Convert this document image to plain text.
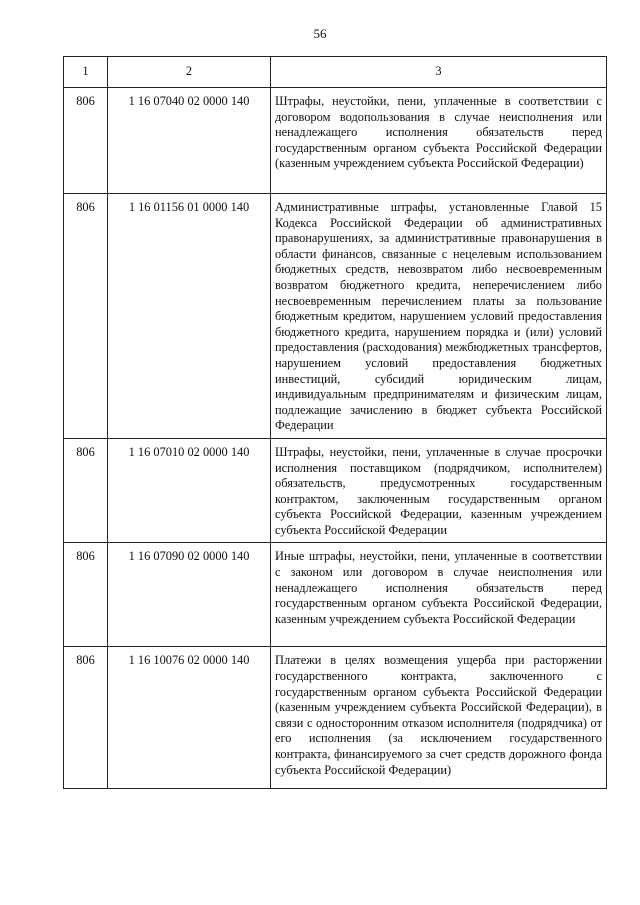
56
1	2	3
806	1 16 07040 02 0000 140	Штрафы, неустойки, пени, уплаченные в соответствии с договором водопользования в случае неисполнения или ненадлежащего исполнения обязательств перед государственным органом субъекта Российской Федерации (казенным учреждением субъекта Российской Федерации)
806	1 16 01156 01 0000 140	Административные штрафы, установленные Главой 15 Кодекса Российской Федерации об административных правонарушениях, за административные правонарушения в области финансов, связанные с нецелевым использованием бюджетных средств, невозвратом либо несвоевременным возвратом бюджетного кредита, неперечислением либо несвоевременным перечислением платы за пользование бюджетным кредитом, нарушением условий предоставления бюджетного кредита, нарушением порядка и (или) условий предоставления (расходования) межбюджетных трансфертов, нарушением условий предоставления бюджетных инвестиций, субсидий юридическим лицам, индивидуальным предпринимателям и физическим лицам, подлежащие зачислению в бюджет субъекта Российской Федерации
806	1 16 07010 02 0000 140	Штрафы, неустойки, пени, уплаченные в случае просрочки исполнения поставщиком (подрядчиком, исполнителем) обязательств, предусмотренных государственным контрактом, заключенным государственным органом субъекта Российской Федерации, казенным учреждением субъекта Российской Федерации
806	1 16 07090 02 0000 140	Иные штрафы, неустойки, пени, уплаченные в соответствии с законом или договором в случае неисполнения или ненадлежащего исполнения обязательств перед государственным органом субъекта Российской Федерации, казенным учреждением субъекта Российской Федерации
806	1 16 10076 02 0000 140	Платежи в целях возмещения ущерба при расторжении государственного контракта, заключенного с государственным органом субъекта Российской Федерации (казенным учреждением субъекта Российской Федерации), в связи с односторонним отказом исполнителя (подрядчика) от его исполнения (за исключением государственного контракта, финансируемого за счет средств дорожного фонда субъекта Российской Федерации)
